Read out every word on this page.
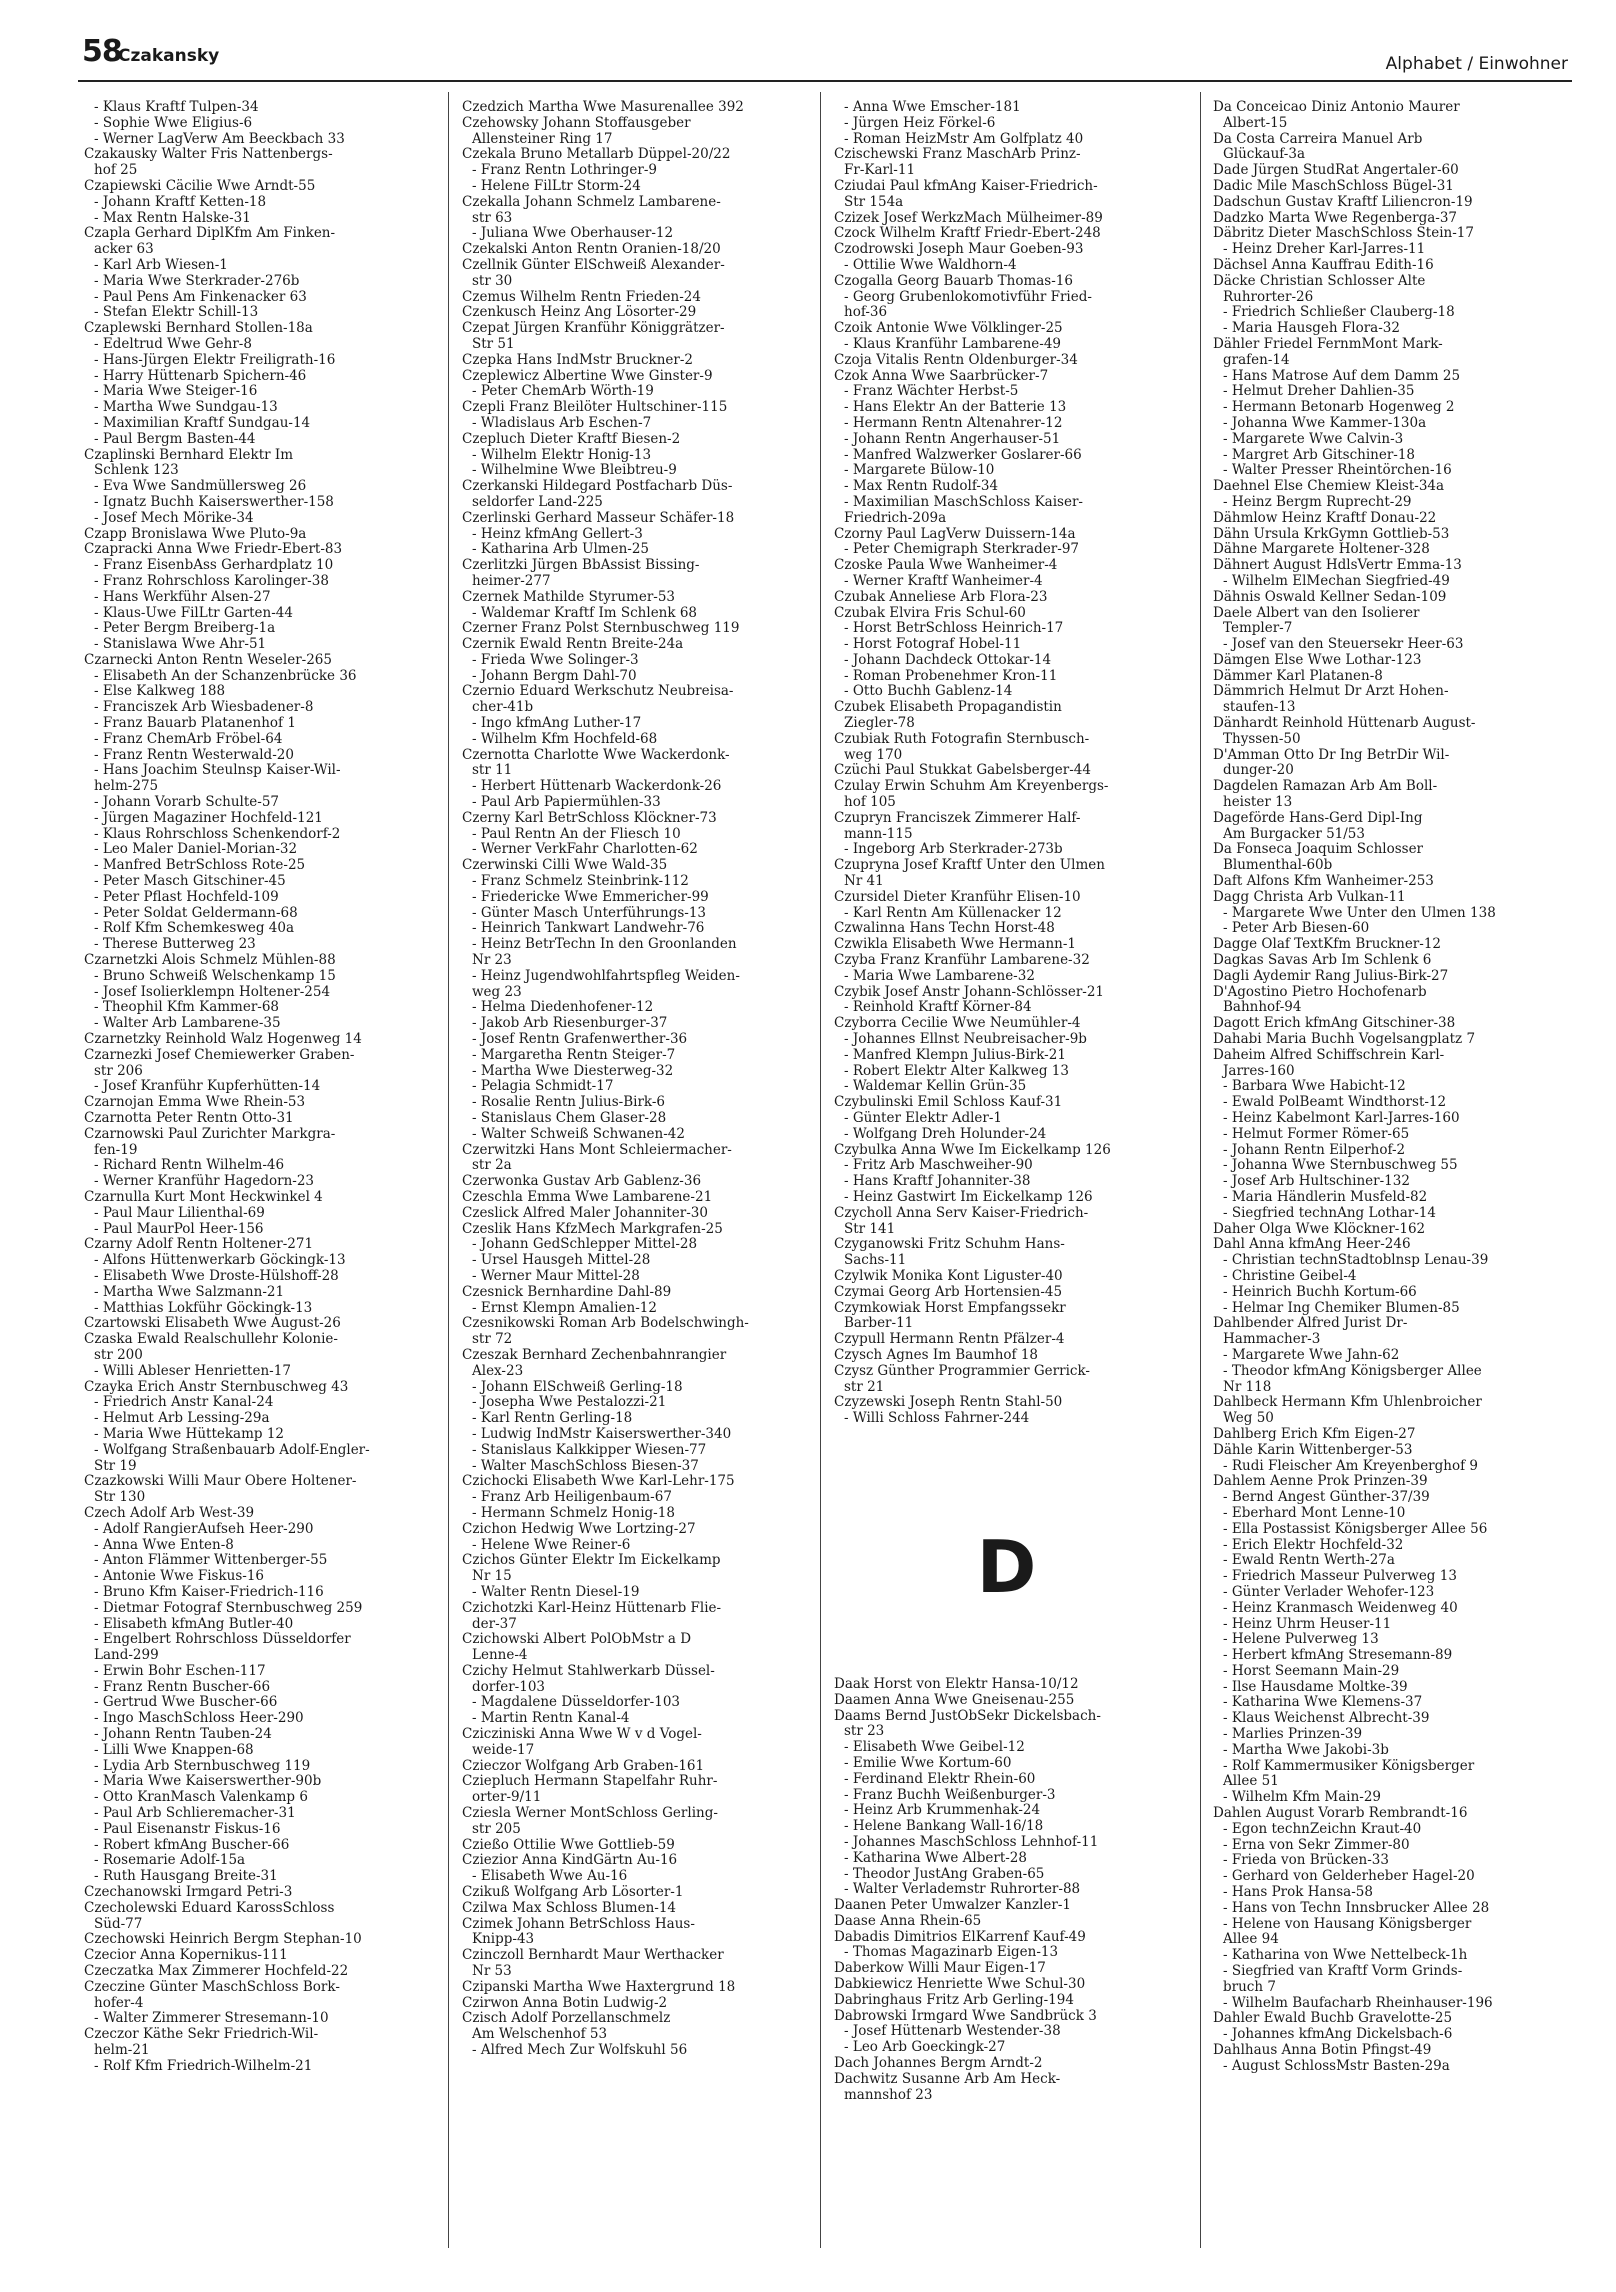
58
Czakansky	Alphabet / Einwohner
- Klaus Kraftf Tulpen-34
- Sophie Wwe Eligius-6
- Werner LagVerw Am Beeckbach 33
Czakausky Walter Fris Nattenbergs-
hof 25
Czapiewski Cäcilie Wwe Arndt-55
- Johann Kraftf Ketten-18
- Max Rentn Halske-31
Czapla Gerhard DiplKfm Am Finken-
acker 63
- Karl Arb Wiesen-1
- Maria Wwe Sterkrader-276b
- Paul Pens Am Finkenacker 63
- Stefan Elektr Schill-13
Czaplewski Bernhard Stollen-18a
- Edeltrud Wwe Gehr-8
- Hans-Jürgen Elektr Freiligrath-16
- Harry Hüttenarb Spichern-46
- Maria Wwe Steiger-16
- Martha Wwe Sundgau-13
- Maximilian Kraftf Sundgau-14
- Paul Bergm Basten-44
Czaplinski Bernhard Elektr Im
Schlenk 123
- Eva Wwe Sandmüllersweg 26
- Ignatz Buchh Kaiserswerther-158
- Josef Mech Mörike-34
Czapp Bronislawa Wwe Pluto-9a
Czapracki Anna Wwe Friedr-Ebert-83
- Franz EisenbAss Gerhardplatz 10
- Franz Rohrschloss Karolinger-38
- Hans Werkführ Alsen-27
- Klaus-Uwe FilLtr Garten-44
- Peter Bergm Breiberg-1a
- Stanislawa Wwe Ahr-51
Czarnecki Anton Rentn Weseler-265
- Elisabeth An der Schanzenbrücke 36
- Else Kalkweg 188
- Franciszek Arb Wiesbadener-8
- Franz Bauarb Platanenhof 1
- Franz ChemArb Fröbel-64
- Franz Rentn Westerwald-20
- Hans Joachim Steulnsp Kaiser-Wil-
helm-275
- Johann Vorarb Schulte-57
- Jürgen Magaziner Hochfeld-121
- Klaus Rohrschloss Schenkendorf-2
- Leo Maler Daniel-Morian-32
- Manfred BetrSchloss Rote-25
- Peter Masch Gitschiner-45
- Peter Pflast Hochfeld-109
- Peter Soldat Geldermann-68
- Rolf Kfm Schemkesweg 40a
- Therese Butterweg 23
Czarnetzki Alois Schmelz Mühlen-88
- Bruno Schweiß Welschenkamp 15
- Josef Isolierklempn Holtener-254
- Theophil Kfm Kammer-68
- Walter Arb Lambarene-35
Czarnetzky Reinhold Walz Hogenweg 14
Czarnezki Josef Chemiewerker Graben-
str 206
- Josef Kranführ Kupferhütten-14
Czarnojan Emma Wwe Rhein-53
Czarnotta Peter Rentn Otto-31
Czarnowski Paul Zurichter Markgra-
fen-19
- Richard Rentn Wilhelm-46
- Werner Kranführ Hagedorn-23
Czarnulla Kurt Mont Heckwinkel 4
- Paul Maur Lilienthal-69
- Paul MaurPol Heer-156
Czarny Adolf Rentn Holtener-271
- Alfons Hüttenwerkarb Göckingk-13
- Elisabeth Wwe Droste-Hülshoff-28
- Martha Wwe Salzmann-21
- Matthias Lokführ Göckingk-13
Czartowski Elisabeth Wwe August-26
Czaska Ewald Realschullehr Kolonie-
str 200
- Willi Ableser Henrietten-17
Czayka Erich Anstr Sternbuschweg 43
- Friedrich Anstr Kanal-24
- Helmut Arb Lessing-29a
- Maria Wwe Hüttekamp 12
- Wolfgang Straßenbauarb Adolf-Engler-
Str 19
Czazkowski Willi Maur Obere Holtener-
Str 130
Czech Adolf Arb West-39
- Adolf RangierAufseh Heer-290
- Anna Wwe Enten-8
- Anton Flämmer Wittenberger-55
- Antonie Wwe Fiskus-16
- Bruno Kfm Kaiser-Friedrich-116
- Dietmar Fotograf Sternbuschweg 259
- Elisabeth kfmAng Butler-40
- Engelbert Rohrschloss Düsseldorfer
Land-299
- Erwin Bohr Eschen-117
- Franz Rentn Buscher-66
- Gertrud Wwe Buscher-66
- Ingo MaschSchloss Heer-290
- Johann Rentn Tauben-24
- Lilli Wwe Knappen-68
- Lydia Arb Sternbuschweg 119
- Maria Wwe Kaiserswerther-90b
- Otto KranMasch Valenkamp 6
- Paul Arb Schlieremacher-31
- Paul Eisenanstr Fiskus-16
- Robert kfmAng Buscher-66
- Rosemarie Adolf-15a
- Ruth Hausgang Breite-31
Czechanowski Irmgard Petri-3
Czecholewski Eduard KarossSchloss
Süd-77
Czechowski Heinrich Bergm Stephan-10
Czecior Anna Kopernikus-111
Czeczatka Max Zimmerer Hochfeld-22
Czeczine Günter MaschSchloss Bork-
hofer-4
- Walter Zimmerer Stresemann-10
Czeczor Käthe Sekr Friedrich-Wil-
helm-21
- Rolf Kfm Friedrich-Wilhelm-21
Czedzich Martha Wwe Masurenallee 392
Czehowsky Johann Stoffausgeber
Allensteiner Ring 17
Czekala Bruno Metallarb Düppel-20/22
- Franz Rentn Lothringer-9
- Helene FilLtr Storm-24
Czekalla Johann Schmelz Lambarene-
str 63
- Juliana Wwe Oberhauser-12
Czekalski Anton Rentn Oranien-18/20
Czellnik Günter ElSchweiß Alexander-
str 30
Czemus Wilhelm Rentn Frieden-24
Czenkusch Heinz Ang Lösorter-29
Czepat Jürgen Kranführ Königgrätzer-
Str 51
Czepka Hans IndMstr Bruckner-2
Czeplewicz Albertine Wwe Ginster-9
- Peter ChemArb Wörth-19
Czepli Franz Bleilöter Hultschiner-115
- Wladislaus Arb Eschen-7
Czepluch Dieter Kraftf Biesen-2
- Wilhelm Elektr Honig-13
- Wilhelmine Wwe Bleibtreu-9
Czerkanski Hildegard Postfacharb Düs-
seldorfer Land-225
Czerlinski Gerhard Masseur Schäfer-18
- Heinz kfmAng Gellert-3
- Katharina Arb Ulmen-25
Czerlitzki Jürgen BbAssist Bissing-
heimer-277
Czernek Mathilde Styrumer-53
- Waldemar Kraftf Im Schlenk 68
Czerner Franz Polst Sternbuschweg 119
Czernik Ewald Rentn Breite-24a
- Frieda Wwe Solinger-3
- Johann Bergm Dahl-70
Czernio Eduard Werkschutz Neubreisa-
cher-41b
- Ingo kfmAng Luther-17
- Wilhelm Kfm Hochfeld-68
Czernotta Charlotte Wwe Wackerdonk-
str 11
- Herbert Hüttenarb Wackerdonk-26
- Paul Arb Papiermühlen-33
Czerny Karl BetrSchloss Klöckner-73
- Paul Rentn An der Fliesch 10
- Werner VerkFahr Charlotten-62
Czerwinski Cilli Wwe Wald-35
- Franz Schmelz Steinbrink-112
- Friedericke Wwe Emmericher-99
- Günter Masch Unterführungs-13
- Heinrich Tankwart Landwehr-76
- Heinz BetrTechn In den Groonlanden
Nr 23
- Heinz Jugendwohlfahrtspfleg Weiden-
weg 23
- Helma Diedenhofener-12
- Jakob Arb Riesenburger-37
- Josef Rentn Grafenwerther-36
- Margaretha Rentn Steiger-7
- Martha Wwe Diesterweg-32
- Pelagia Schmidt-17
- Rosalie Rentn Julius-Birk-6
- Stanislaus Chem Glaser-28
- Walter Schweiß Schwanen-42
Czerwitzki Hans Mont Schleiermacher-
str 2a
Czerwonka Gustav Arb Gablenz-36
Czeschla Emma Wwe Lambarene-21
Czeslick Alfred Maler Johanniter-30
Czeslik Hans KfzMech Markgrafen-25
- Johann GedSchlepper Mittel-28
- Ursel Hausgeh Mittel-28
- Werner Maur Mittel-28
Czesnick Bernhardine Dahl-89
- Ernst Klempn Amalien-12
Czesnikowski Roman Arb Bodelschwingh-
str 72
Czeszak Bernhard Zechenbahnrangier
Alex-23
- Johann ElSchweiß Gerling-18
- Josepha Wwe Pestalozzi-21
- Karl Rentn Gerling-18
- Ludwig IndMstr Kaiserswerther-340
- Stanislaus Kalkkipper Wiesen-77
- Walter MaschSchloss Biesen-37
Czichocki Elisabeth Wwe Karl-Lehr-175
- Franz Arb Heiligenbaum-67
- Hermann Schmelz Honig-18
Czichon Hedwig Wwe Lortzing-27
- Helene Wwe Reiner-6
Czichos Günter Elektr Im Eickelkamp
Nr 15
- Walter Rentn Diesel-19
Czichotzki Karl-Heinz Hüttenarb Flie-
der-37
Czichowski Albert PolObMstr a D
Lenne-4
Czichy Helmut Stahlwerkarb Düssel-
dorfer-103
- Magdalene Düsseldorfer-103
- Martin Rentn Kanal-4
Czicziniski Anna Wwe W v d Vogel-
weide-17
Czieczor Wolfgang Arb Graben-161
Cziepluch Hermann Stapelfahr Ruhr-
orter-9/11
Cziesla Werner MontSchloss Gerling-
str 205
Czießo Ottilie Wwe Gottlieb-59
Cziezior Anna KindGärtn Au-16
- Elisabeth Wwe Au-16
Czikuß Wolfgang Arb Lösorter-1
Czilwa Max Schloss Blumen-14
Czimek Johann BetrSchloss Haus-
Knipp-43
Czinczoll Bernhardt Maur Werthacker
Nr 53
Czipanski Martha Wwe Haxtergrund 18
Czirwon Anna Botin Ludwig-2
Czisch Adolf Porzellanschmelz
Am Welschenhof 53
- Alfred Mech Zur Wolfskuhl 56
- Anna Wwe Emscher-181
- Jürgen Heiz Förkel-6
- Roman HeizMstr Am Golfplatz 40
Czischewski Franz MaschArb Prinz-
Fr-Karl-11
Cziudai Paul kfmAng Kaiser-Friedrich-
Str 154a
Czizek Josef WerkzMach Mülheimer-89
Czock Wilhelm Kraftf Friedr-Ebert-248
Czodrowski Joseph Maur Goeben-93
- Ottilie Wwe Waldhorn-4
Czogalla Georg Bauarb Thomas-16
- Georg Grubenlokomotivführ Fried-
hof-36
Czoik Antonie Wwe Völklinger-25
- Klaus Kranführ Lambarene-49
Czoja Vitalis Rentn Oldenburger-34
Czok Anna Wwe Saarbrücker-7
- Franz Wächter Herbst-5
- Hans Elektr An der Batterie 13
- Hermann Rentn Altenahrer-12
- Johann Rentn Angerhauser-51
- Manfred Walzwerker Goslarer-66
- Margarete Bülow-10
- Max Rentn Rudolf-34
- Maximilian MaschSchloss Kaiser-
Friedrich-209a
Czorny Paul LagVerw Duissern-14a
- Peter Chemigraph Sterkrader-97
Czoske Paula Wwe Wanheimer-4
- Werner Kraftf Wanheimer-4
Czubak Anneliese Arb Flora-23
Czubak Elvira Fris Schul-60
- Horst BetrSchloss Heinrich-17
- Horst Fotograf Hobel-11
- Johann Dachdeck Ottokar-14
- Roman Probenehmer Kron-11
- Otto Buchh Gablenz-14
Czubek Elisabeth Propagandistin
Ziegler-78
Czubiak Ruth Fotografin Sternbusch-
weg 170
Czüchi Paul Stukkat Gabelsberger-44
Czulay Erwin Schuhm Am Kreyenbergs-
hof 105
Czupryn Franciszek Zimmerer Half-
mann-115
- Ingeborg Arb Sterkrader-273b
Czupryna Josef Kraftf Unter den Ulmen
Nr 41
Czursidel Dieter Kranführ Elisen-10
- Karl Rentn Am Küllenacker 12
Czwalinna Hans Techn Horst-48
Czwikla Elisabeth Wwe Hermann-1
Czyba Franz Kranführ Lambarene-32
- Maria Wwe Lambarene-32
Czybik Josef Anstr Johann-Schlösser-21
- Reinhold Kraftf Körner-84
Czyborra Cecilie Wwe Neumühler-4
- Johannes Ellnst Neubreisacher-9b
- Manfred Klempn Julius-Birk-21
- Robert Elektr Alter Kalkweg 13
- Waldemar Kellin Grün-35
Czybulinski Emil Schloss Kauf-31
- Günter Elektr Adler-1
- Wolfgang Dreh Holunder-24
Czybulka Anna Wwe Im Eickelkamp 126
- Fritz Arb Maschweiher-90
- Hans Kraftf Johanniter-38
- Heinz Gastwirt Im Eickelkamp 126
Czycholl Anna Serv Kaiser-Friedrich-
Str 141
Czyganowski Fritz Schuhm Hans-
Sachs-11
Czylwik Monika Kont Liguster-40
Czymai Georg Arb Hortensien-45
Czymkowiak Horst Empfangssekr
Barber-11
Czypull Hermann Rentn Pfälzer-4
Czysch Agnes Im Baumhof 18
Czysz Günther Programmier Gerrick-
str 21
Czyzewski Joseph Rentn Stahl-50
- Willi Schloss Fahrner-244
D
Daak Horst von Elektr Hansa-10/12
Daamen Anna Wwe Gneisenau-255
Daams Bernd JustObSekr Dickelsbach-
str 23
- Elisabeth Wwe Geibel-12
- Emilie Wwe Kortum-60
- Ferdinand Elektr Rhein-60
- Franz Buchh Weißenburger-3
- Heinz Arb Krummenhak-24
- Helene Bankang Wall-16/18
- Johannes MaschSchloss Lehnhof-11
- Katharina Wwe Albert-28
- Theodor JustAng Graben-65
- Walter Verlademstr Ruhrorter-88
Daanen Peter Umwalzer Kanzler-1
Daase Anna Rhein-65
Dabadis Dimitrios ElKarrenf Kauf-49
- Thomas Magazinarb Eigen-13
Daberkow Willi Maur Eigen-17
Dabkiewicz Henriette Wwe Schul-30
Dabringhaus Fritz Arb Gerling-194
Dabrowski Irmgard Wwe Sandbrück 3
- Josef Hüttenarb Westender-38
- Leo Arb Goeckingk-27
Dach Johannes Bergm Arndt-2
Dachwitz Susanne Arb Am Heck-
mannshof 23
Da Conceicao Diniz Antonio Maurer
Albert-15
Da Costa Carreira Manuel Arb
Glückauf-3a
Dade Jürgen StudRat Angertaler-60
Dadic Mile MaschSchloss Bügel-31
Dadschun Gustav Kraftf Liliencron-19
Dadzko Marta Wwe Regenberga-37
Däbritz Dieter MaschSchloss Stein-17
- Heinz Dreher Karl-Jarres-11
Dächsel Anna Kauffrau Edith-16
Däcke Christian Schlosser Alte
Ruhrorter-26
- Friedrich Schließer Clauberg-18
- Maria Hausgeh Flora-32
Dähler Friedel FernmMont Mark-
grafen-14
- Hans Matrose Auf dem Damm 25
- Helmut Dreher Dahlien-35
- Hermann Betonarb Hogenweg 2
- Johanna Wwe Kammer-130a
- Margarete Wwe Calvin-3
- Margret Arb Gitschiner-18
- Walter Presser Rheintörchen-16
Daehnel Else Chemiew Kleist-34a
- Heinz Bergm Ruprecht-29
Dähmlow Heinz Kraftf Donau-22
Dähn Ursula KrkGymn Gottlieb-53
Dähne Margarete Holtener-328
Dähnert August HdlsVertr Emma-13
- Wilhelm ElMechan Siegfried-49
Dähnis Oswald Kellner Sedan-109
Daele Albert van den Isolierer
Templer-7
- Josef van den Steuersekr Heer-63
Dämgen Else Wwe Lothar-123
Dämmer Karl Platanen-8
Dämmrich Helmut Dr Arzt Hohen-
staufen-13
Dänhardt Reinhold Hüttenarb August-
Thyssen-50
D'Amman Otto Dr Ing BetrDir Wil-
dunger-20
Dagdelen Ramazan Arb Am Boll-
heister 13
Dageförde Hans-Gerd Dipl-Ing
Am Burgacker 51/53
Da Fonseca Joaquim Schlosser
Blumenthal-60b
Daft Alfons Kfm Wanheimer-253
Dagg Christa Arb Vulkan-11
- Margarete Wwe Unter den Ulmen 138
- Peter Arb Biesen-60
Dagge Olaf TextKfm Bruckner-12
Dagkas Savas Arb Im Schlenk 6
Dagli Aydemir Rang Julius-Birk-27
D'Agostino Pietro Hochofenarb
Bahnhof-94
Dagott Erich kfmAng Gitschiner-38
Dahabi Maria Buchh Vogelsangplatz 7
Daheim Alfred Schiffschrein Karl-
Jarres-160
- Barbara Wwe Habicht-12
- Ewald PolBeamt Windthorst-12
- Heinz Kabelmont Karl-Jarres-160
- Helmut Former Römer-65
- Johann Rentn Eilperhof-2
- Johanna Wwe Sternbuschweg 55
- Josef Arb Hultschiner-132
- Maria Händlerin Musfeld-82
- Siegfried technAng Lothar-14
Daher Olga Wwe Klöckner-162
Dahl Anna kfmAng Heer-246
- Christian technStadtoblnsp Lenau-39
- Christine Geibel-4
- Heinrich Buchh Kortum-66
- Helmar Ing Chemiker Blumen-85
Dahlbender Alfred Jurist Dr-
Hammacher-3
- Margarete Wwe Jahn-62
- Theodor kfmAng Königsberger Allee
Nr 118
Dahlbeck Hermann Kfm Uhlenbroicher
Weg 50
Dahlberg Erich Kfm Eigen-27
Dähle Karin Wittenberger-53
- Rudi Fleischer Am Kreyenberghof 9
Dahlem Aenne Prok Prinzen-39
- Bernd Angest Günther-37/39
- Eberhard Mont Lenne-10
- Ella Postassist Königsberger Allee 56
- Erich Elektr Hochfeld-32
- Ewald Rentn Werth-27a
- Friedrich Masseur Pulverweg 13
- Günter Verlader Wehofer-123
- Heinz Kranmasch Weidenweg 40
- Heinz Uhrm Heuser-11
- Helene Pulverweg 13
- Herbert kfmAng Stresemann-89
- Horst Seemann Main-29
- Ilse Hausdame Moltke-39
- Katharina Wwe Klemens-37
- Klaus Weichenst Albrecht-39
- Marlies Prinzen-39
- Martha Wwe Jakobi-3b
- Rolf Kammermusiker Königsberger
Allee 51
- Wilhelm Kfm Main-29
Dahlen August Vorarb Rembrandt-16
- Egon technZeichn Kraut-40
- Erna von Sekr Zimmer-80
- Frieda von Brücken-33
- Gerhard von Gelderheber Hagel-20
- Hans Prok Hansa-58
- Hans von Techn Innsbrucker Allee 28
- Helene von Hausang Königsberger
Allee 94
- Katharina von Wwe Nettelbeck-1h
- Siegfried van Kraftf Vorm Grinds-
bruch 7
- Wilhelm Baufacharb Rheinhauser-196
Dahler Ewald Buchb Gravelotte-25
- Johannes kfmAng Dickelsbach-6
Dahlhaus Anna Botin Pfingst-49
- August SchlossMstr Basten-29a
